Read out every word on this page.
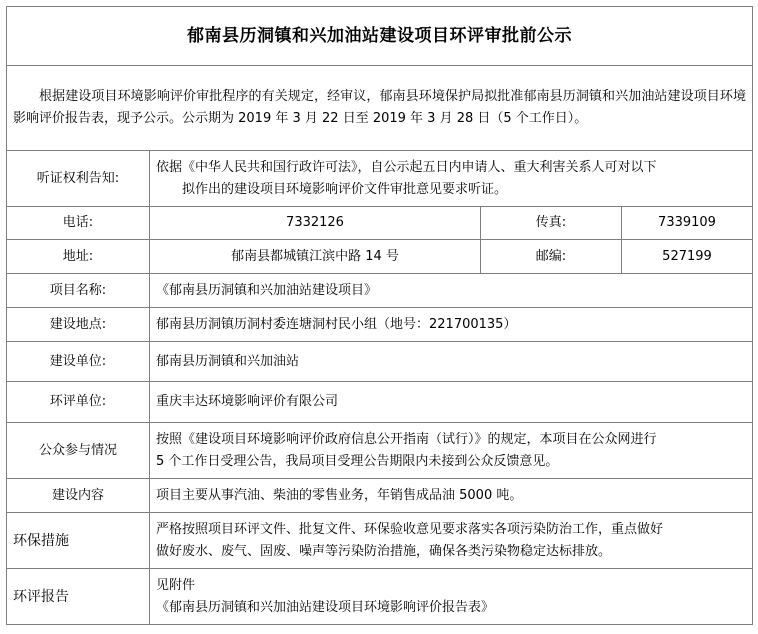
郁南县历洞镇和兴加油站建设项目环评审批前公示			
根据建设项目环境影响评价审批程序的有关规定，经审议，郁南县环境保护局拟批准郁南县历洞镇和兴加油站建设项目环境影响评价报告表，现予公示。公示期为 2019 年 3 月 22 日至 2019 年 3 月 28 日（5 个工作日）。			
听证权利告知:	依据《中华人民共和国行政许可法》，自公示起五日内申请人、重大利害关系人可对以下
拟作出的建设项目环境影响评价文件审批意见要求听证。		

电话:	7332126	传真:	7339109
地址:	郁南县都城镇江滨中路 14 号	邮编:	527199
项目名称:	《郁南县历洞镇和兴加油站建设项目》		
建设地点:	郁南县历洞镇历洞村委连塘洞村民小组（地号：221700135）		
建设单位:	郁南县历洞镇和兴加油站		
环评单位:	重庆丰达环境影响评价有限公司		
公众参与情况	按照《建设项目环境影响评价政府信息公开指南（试行）》的规定，本项目在公众网进行
5 个工作日受理公告，我局项目受理公告期限内未接到公众反馈意见。		

建设内容	项目主要从事汽油、柴油的零售业务，年销售成品油 5000 吨。		
环保措施	严格按照项目环评文件、批复文件、环保验收意见要求落实各项污染防治工作，重点做好
做好废水、废气、固废、噪声等污染防治措施，确保各类污染物稳定达标排放。		

环评报告	见附件
《郁南县历洞镇和兴加油站建设项目环境影响评价报告表》		
